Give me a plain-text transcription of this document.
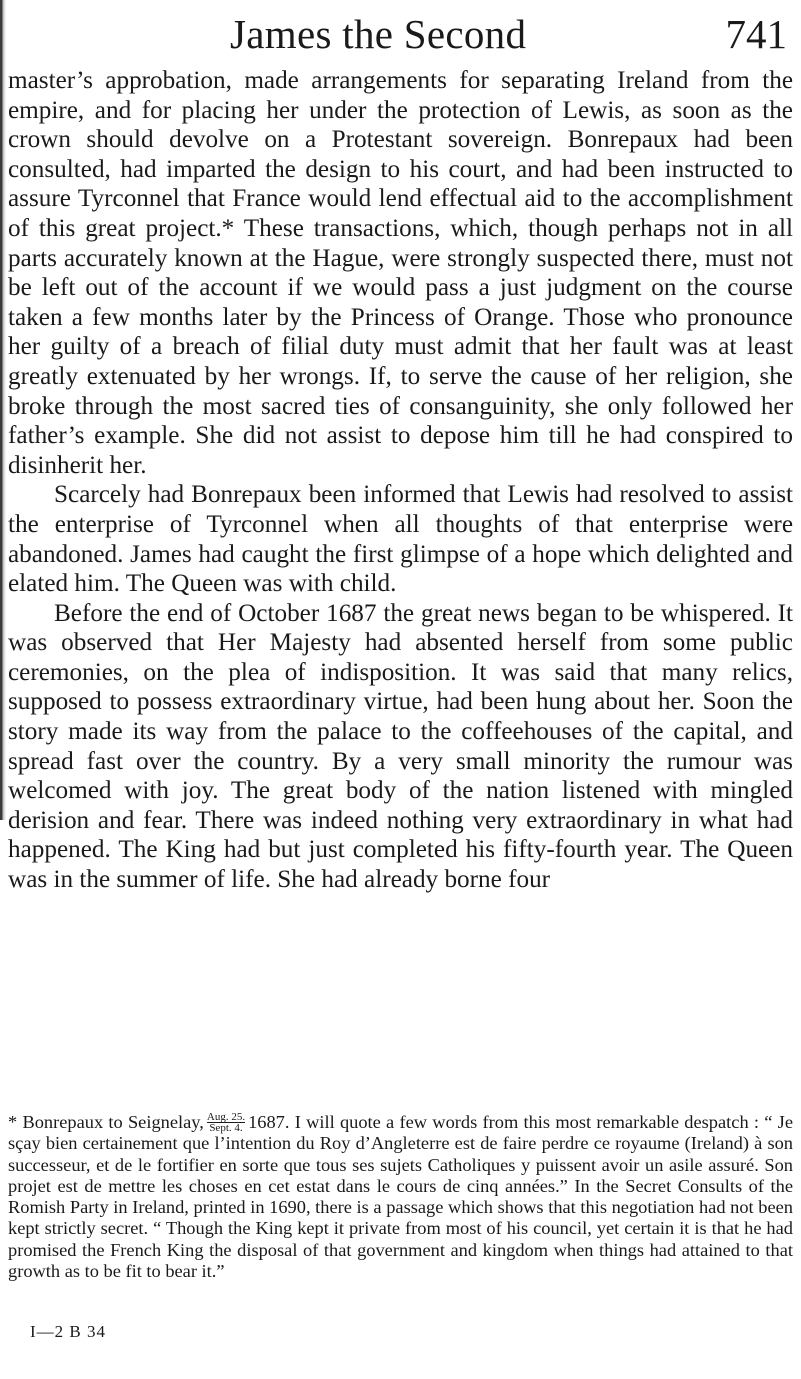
James the Second	741

master’s approbation, made arrangements for separating Ireland from the empire, and for placing her under the protection of Lewis, as soon as the crown should devolve on a Protestant sovereign. Bonrepaux had been consulted, had imparted the design to his court, and had been instructed to assure Tyrconnel that France would lend effectual aid to the accomplishment of this great project.* These transactions, which, though perhaps not in all parts accurately known at the Hague, were strongly suspected there, must not be left out of the account if we would pass a just judgment on the course taken a few months later by the Princess of Orange. Those who pronounce her guilty of a breach of filial duty must admit that her fault was at least greatly extenuated by her wrongs. If, to serve the cause of her religion, she broke through the most sacred ties of consanguinity, she only followed her father’s example. She did not assist to depose him till he had conspired to disinherit her.

Scarcely had Bonrepaux been informed that Lewis had resolved to assist the enterprise of Tyrconnel when all thoughts of that enterprise were abandoned. James had caught the first glimpse of a hope which delighted and elated him. The Queen was with child.

Before the end of October 1687 the great news began to be whispered. It was observed that Her Majesty had absented herself from some public ceremonies, on the plea of indisposition. It was said that many relics, supposed to possess extraordinary virtue, had been hung about her. Soon the story made its way from the palace to the coffeehouses of the capital, and spread fast over the country. By a very small minority the rumour was welcomed with joy. The great body of the nation listened with mingled derision and fear. There was indeed nothing very extraordinary in what had happened. The King had but just completed his fifty-fourth year. The Queen was in the summer of life. She had already borne four

* Bonrepaux to Seignelay, Aug. 25.
Sept. 4. 1687. I will quote a few words from this most remarkable despatch : “ Je sçay bien certainement que l’intention du Roy d’Angleterre est de faire perdre ce royaume (Ireland) à son successeur, et de le fortifier en sorte que tous ses sujets Catholiques y puissent avoir un asile assuré. Son projet est de mettre les choses en cet estat dans le cours de cinq années.” In the Secret Consults of the Romish Party in Ireland, printed in 1690, there is a passage which shows that this negotiation had not been kept strictly secret. “ Though the King kept it private from most of his council, yet certain it is that he had promised the French King the disposal of that government and kingdom when things had attained to that growth as to be fit to bear it.”

I—2 B 34
